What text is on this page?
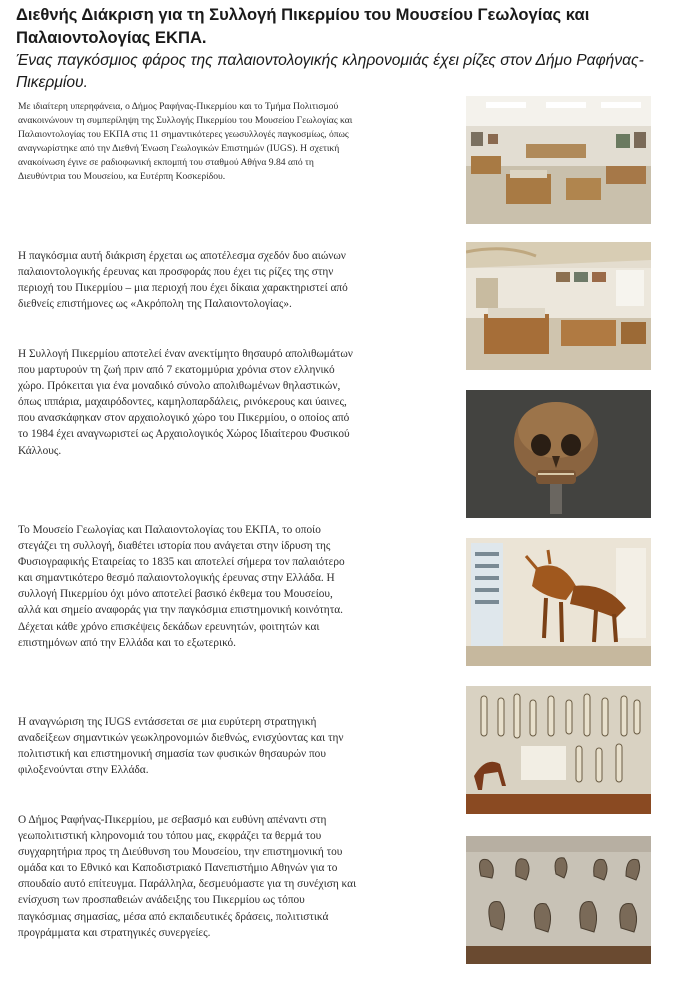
Διεθνής Διάκριση για τη Συλλογή Πικερμίου του Μουσείου Γεωλογίας και Παλαιοντολογίας ΕΚΠΑ.
Ένας παγκόσμιος φάρος της παλαιοντολογικής κληρονομιάς έχει ρίζες στον Δήμο Ραφήνας-Πικερμίου.

Με ιδιαίτερη υπερηφάνεια, ο Δήμος Ραφήνας-Πικερμίου και το Τμήμα Πολιτισμού ανακοινώνουν τη συμπερίληψη της Συλλογής Πικερμίου του Μουσείου Γεωλογίας και Παλαιοντολογίας του ΕΚΠΑ στις 11 σημαντικότερες γεωσυλλογές παγκοσμίως, όπως αναγνωρίστηκε από την Διεθνή Ένωση Γεωλογικών Επιστημών (IUGS). Η σχετική ανακοίνωση έγινε σε ραδιοφωνική εκπομπή του σταθμού Αθήνα 9.84 από τη Διευθύντρια του Μουσείου, κα Ευτέρπη Κοσκερίδου.

Η παγκόσμια αυτή διάκριση έρχεται ως αποτέλεσμα σχεδόν δυο αιώνων παλαιοντολογικής έρευνας και προσφοράς που έχει τις ρίζες της στην περιοχή του Πικερμίου – μια περιοχή που έχει δίκαια χαρακτηριστεί από διεθνείς επιστήμονες ως «Ακρόπολη της Παλαιοντολογίας».

Η Συλλογή Πικερμίου αποτελεί έναν ανεκτίμητο θησαυρό απολιθωμάτων που μαρτυρούν τη ζωή πριν από 7 εκατομμύρια χρόνια στον ελληνικό χώρο. Πρόκειται για ένα μοναδικό σύνολο απολιθωμένων θηλαστικών, όπως ιππάρια, μαχαιρόδοντες, καμηλοπαρδάλεις, ρινόκερους και ύαινες, που ανασκάφηκαν στον αρχαιολογικό χώρο του Πικερμίου, ο οποίος από το 1984 έχει αναγνωριστεί ως Αρχαιολογικός Χώρος Ιδιαίτερου Φυσικού Κάλλους.

Το Μουσείο Γεωλογίας και Παλαιοντολογίας του ΕΚΠΑ, το οποίο στεγάζει τη συλλογή, διαθέτει ιστορία που ανάγεται στην ίδρυση της Φυσιογραφικής Εταιρείας το 1835 και αποτελεί σήμερα τον παλαιότερο και σημαντικότερο θεσμό παλαιοντολογικής έρευνας στην Ελλάδα. Η συλλογή Πικερμίου όχι μόνο αποτελεί βασικό έκθεμα του Μουσείου, αλλά και σημείο αναφοράς για την παγκόσμια επιστημονική κοινότητα. Δέχεται κάθε χρόνο επισκέψεις δεκάδων ερευνητών, φοιτητών και επιστημόνων από την Ελλάδα και το εξωτερικό.

Η αναγνώριση της IUGS εντάσσεται σε μια ευρύτερη στρατηγική αναδείξεων σημαντικών γεωκληρονομιών διεθνώς, ενισχύοντας και την πολιτιστική και επιστημονική σημασία των φυσικών θησαυρών που φιλοξενούνται στην Ελλάδα.

Ο Δήμος Ραφήνας-Πικερμίου, με σεβασμό και ευθύνη απέναντι στη γεωπολιτιστική κληρονομιά του τόπου μας, εκφράζει τα θερμά του συγχαρητήρια προς τη Διεύθυνση του Μουσείου, την επιστημονική του ομάδα και το Εθνικό και Καποδιστριακό Πανεπιστήμιο Αθηνών για το σπουδαίο αυτό επίτευγμα. Παράλληλα, δεσμευόμαστε για τη συνέχιση και ενίσχυση των προσπαθειών ανάδειξης του Πικερμίου ως τόπου παγκόσμιας σημασίας, μέσα από εκπαιδευτικές δράσεις, πολιτιστικά προγράμματα και στρατηγικές συνεργείες.
